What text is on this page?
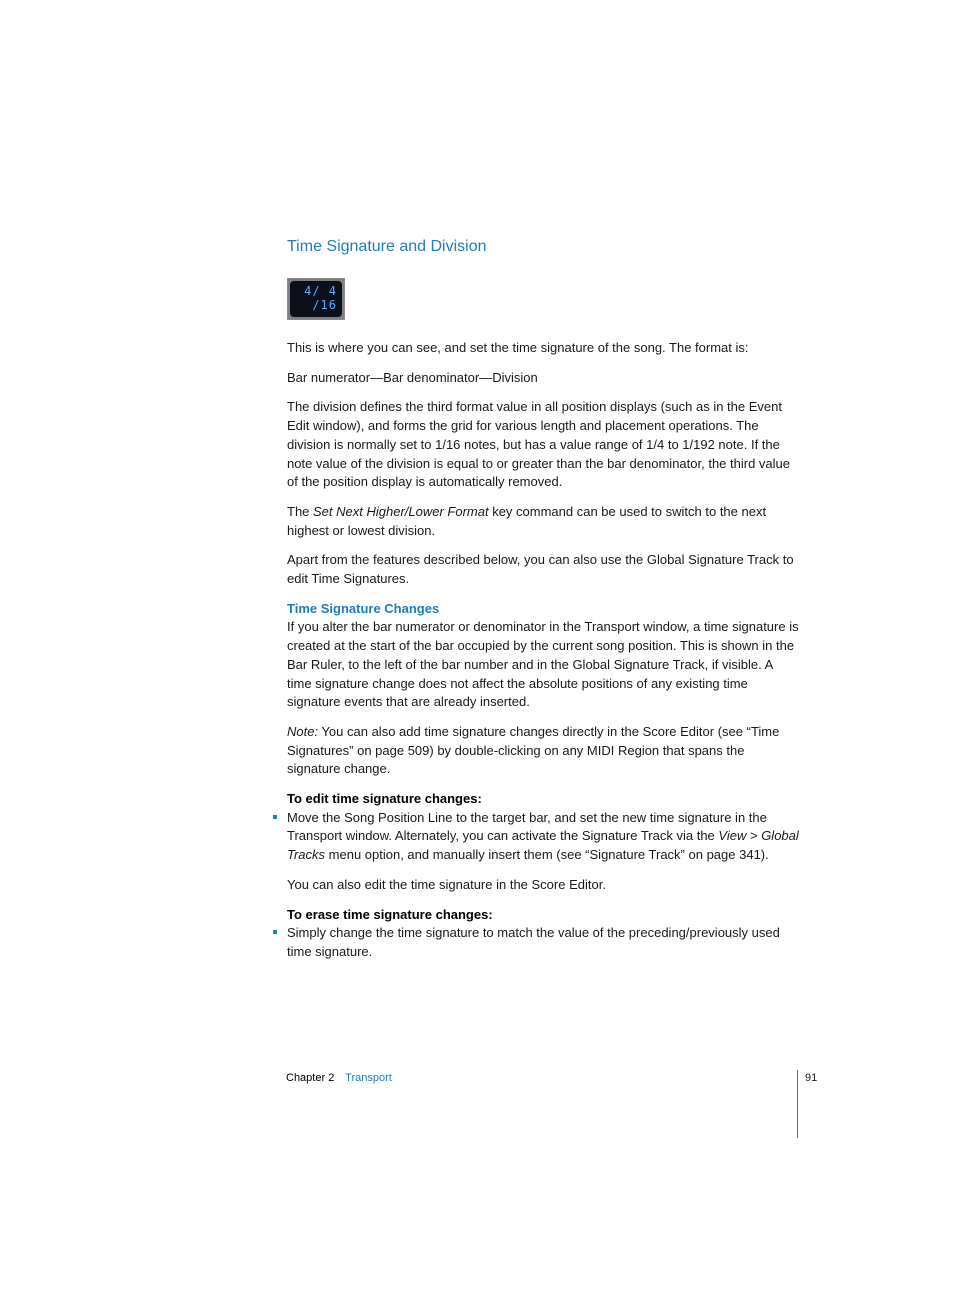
Time Signature and Division
4/ 4
/16

This is where you can see, and set the time signature of the song. The format is:

Bar numerator—Bar denominator—Division

The division defines the third format value in all position displays (such as in the Event Edit window), and forms the grid for various length and placement operations. The division is normally set to 1/16 notes, but has a value range of 1/4 to 1/192 note. If the note value of the division is equal to or greater than the bar denominator, the third value of the position display is automatically removed.

The Set Next Higher/Lower Format key command can be used to switch to the next highest or lowest division.

Apart from the features described below, you can also use the Global Signature Track to edit Time Signatures.

Time Signature Changes

If you alter the bar numerator or denominator in the Transport window, a time signature is created at the start of the bar occupied by the current song position. This is shown in the Bar Ruler, to the left of the bar number and in the Global Signature Track, if visible. A time signature change does not affect the absolute positions of any existing time signature events that are already inserted.

Note: You can also add time signature changes directly in the Score Editor (see “Time Signatures” on page 509) by double-clicking on any MIDI Region that spans the signature change.

To edit time signature changes:
Move the Song Position Line to the target bar, and set the new time signature in the Transport window. Alternately, you can activate the Signature Track via the View > Global Tracks menu option, and manually insert them (see “Signature Track” on page 341).

You can also edit the time signature in the Score Editor.

To erase time signature changes:
Simply change the time signature to match the value of the preceding/previously used time signature.
Chapter 2 Transport	91
